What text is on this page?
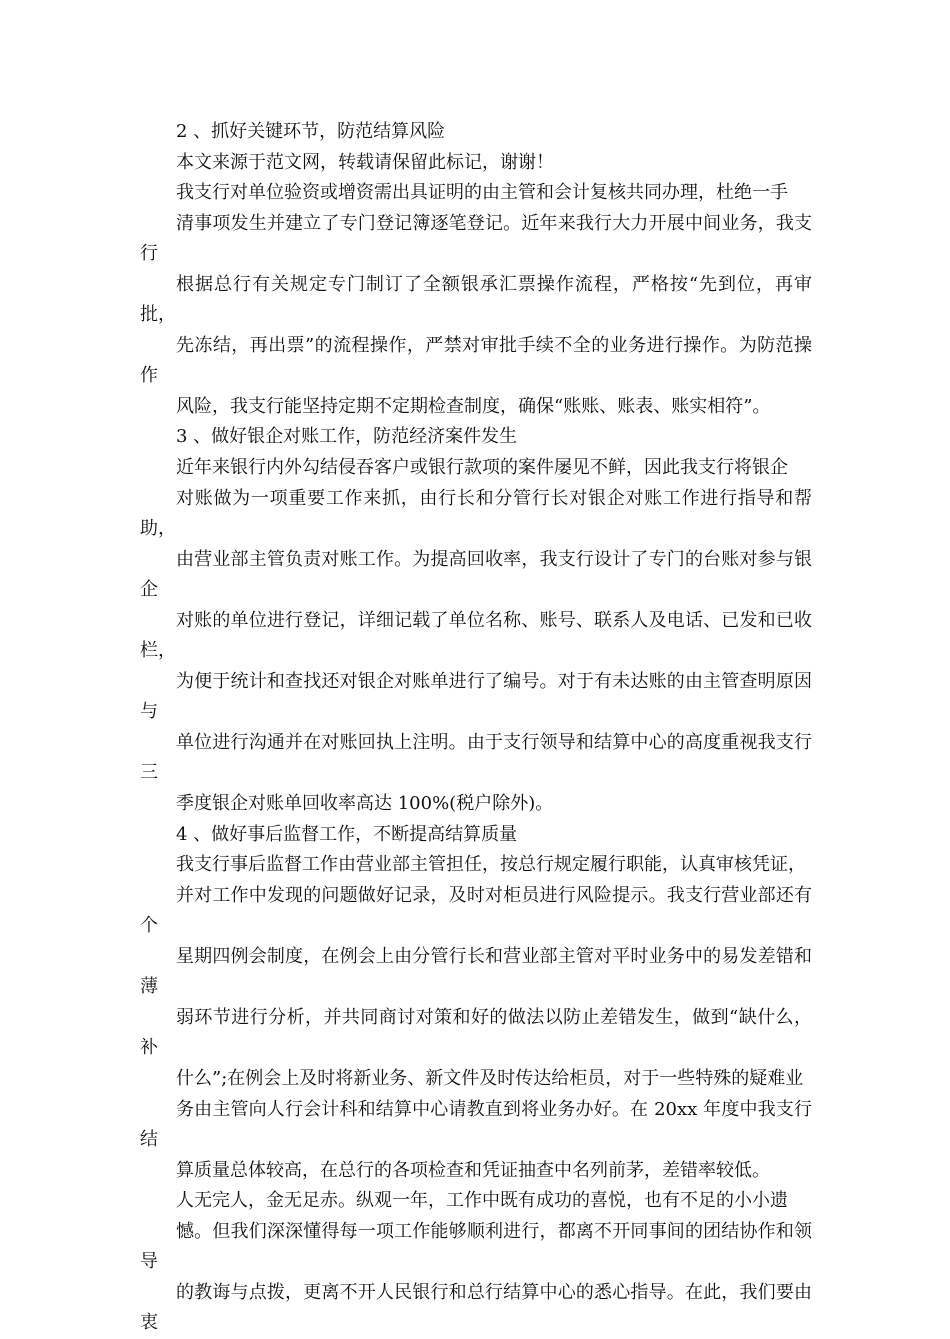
2 、抓好关键环节，防范结算风险

本文来源于范文网，转载请保留此标记，谢谢！

我支行对单位验资或增资需出具证明的由主管和会计复核共同办理，杜绝一手
清事项发生并建立了专门登记簿逐笔登记。近年来我行大力开展中间业务，我支行
根据总行有关规定专门制订了全额银承汇票操作流程，严格按“先到位，再审批，
先冻结，再出票”的流程操作，严禁对审批手续不全的业务进行操作。为防范操作
风险，我支行能坚持定期不定期检查制度，确保“账账、账表、账实相符”。

3 、做好银企对账工作，防范经济案件发生

近年来银行内外勾结侵吞客户或银行款项的案件屡见不鲜，因此我支行将银企
对账做为一项重要工作来抓，由行长和分管行长对银企对账工作进行指导和帮助，
由营业部主管负责对账工作。为提高回收率，我支行设计了专门的台账对参与银企
对账的单位进行登记，详细记载了单位名称、账号、联系人及电话、已发和已收栏，
为便于统计和查找还对银企对账单进行了编号。对于有未达账的由主管查明原因与
单位进行沟通并在对账回执上注明。由于支行领导和结算中心的高度重视我支行三
季度银企对账单回收率高达 100%(税户除外)。

4 、做好事后监督工作，不断提高结算质量

我支行事后监督工作由营业部主管担任，按总行规定履行职能，认真审核凭证，
并对工作中发现的问题做好记录，及时对柜员进行风险提示。我支行营业部还有个
星期四例会制度，在例会上由分管行长和营业部主管对平时业务中的易发差错和薄
弱环节进行分析，并共同商讨对策和好的做法以防止差错发生，做到“缺什么，补
什么”;在例会上及时将新业务、新文件及时传达给柜员，对于一些特殊的疑难业
务由主管向人行会计科和结算中心请教直到将业务办好。在 20xx 年度中我支行结
算质量总体较高，在总行的各项检查和凭证抽查中名列前茅，差错率较低。

人无完人，金无足赤。纵观一年，工作中既有成功的喜悦，也有不足的小小遗
憾。但我们深深懂得每一项工作能够顺利进行，都离不开同事间的团结协作和领导
的教诲与点拨，更离不开人民银行和总行结算中心的悉心指导。在此，我们要由衷
